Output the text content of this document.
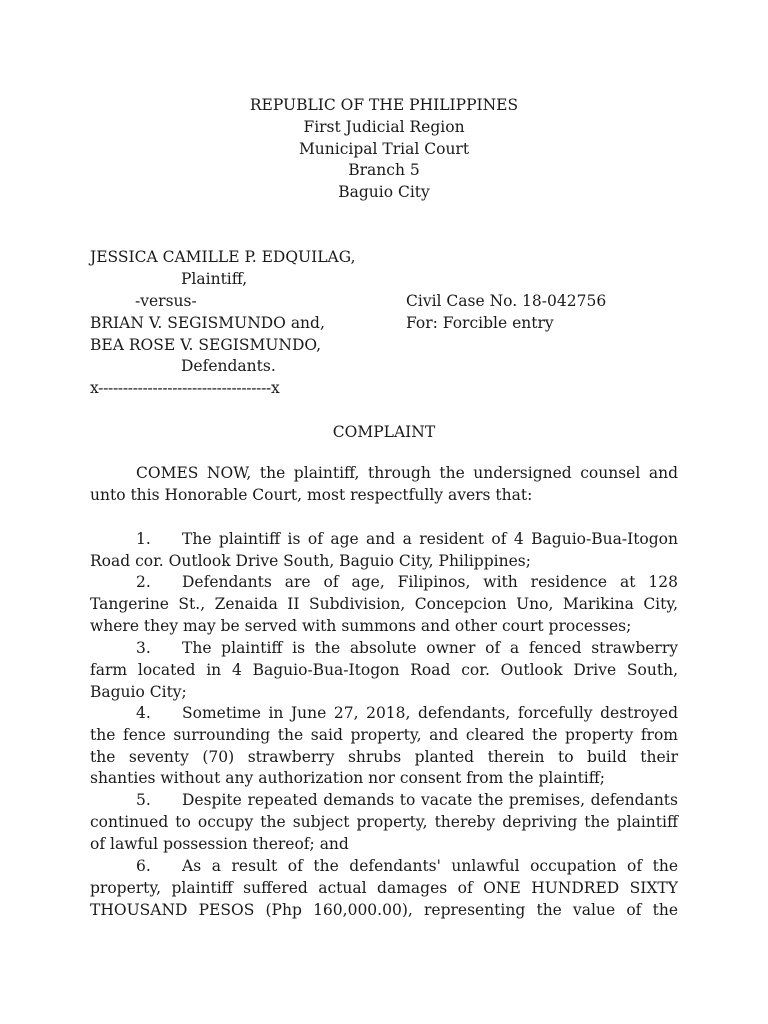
REPUBLIC OF THE PHILIPPINES
First Judicial Region
Municipal Trial Court
Branch 5
Baguio City
JESSICA CAMILLE P. EDQUILAG,
Plaintiff,
-versus-	Civil Case No. 18-042756
BRIAN V. SEGISMUNDO and,	For: Forcible entry
BEA ROSE V. SEGISMUNDO,
Defendants.
x-----------------------------------x
COMPLAINT
COMES NOW, the plaintiff, through the undersigned counsel and
unto this Honorable Court, most respectfully avers that:
1. The plaintiff is of age and a resident of 4 Baguio-Bua-Itogon
Road cor. Outlook Drive South, Baguio City, Philippines;
2. Defendants are of age, Filipinos, with residence at 128
Tangerine St., Zenaida II Subdivision, Concepcion Uno, Marikina City,
where they may be served with summons and other court processes;
3. The plaintiff is the absolute owner of a fenced strawberry
farm located in 4 Baguio-Bua-Itogon Road cor. Outlook Drive South,
Baguio City;
4. Sometime in June 27, 2018, defendants, forcefully destroyed
the fence surrounding the said property, and cleared the property from
the seventy (70) strawberry shrubs planted therein to build their
shanties without any authorization nor consent from the plaintiff;
5. Despite repeated demands to vacate the premises, defendants
continued to occupy the subject property, thereby depriving the plaintiff
of lawful possession thereof; and
6. As a result of the defendants' unlawful occupation of the
property, plaintiff suffered actual damages of ONE HUNDRED SIXTY
THOUSAND PESOS (Php 160,000.00), representing the value of the
